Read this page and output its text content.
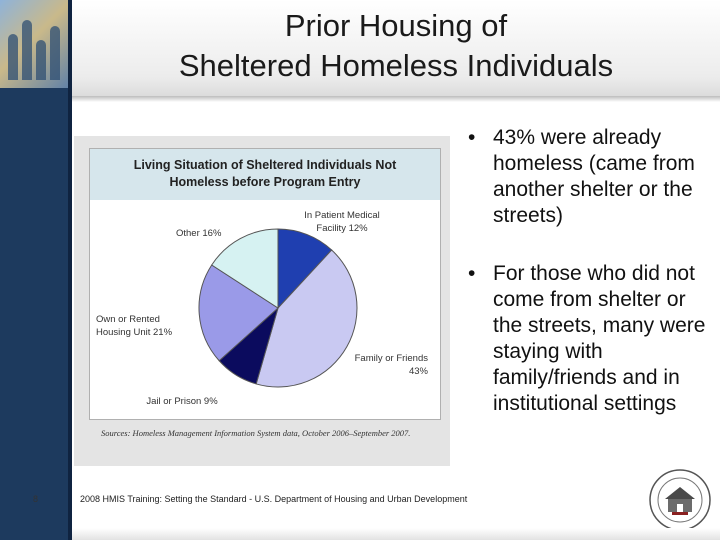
Prior Housing of
Sheltered Homeless Individuals
Living Situation of Sheltered Individuals Not
Homeless before Program Entry
In Patient Medical Facility 12%
Family or Friends 43%
Jail or Prison 9%
Own or Rented Housing Unit 21%
Other 16%
Sources: Homeless Management Information System data, October 2006–September 2007.
• 43% were already homeless (came from another shelter or the streets)
• For those who did not come from shelter or the streets, many were staying with family/friends and in institutional settings
8	2008 HMIS Training: Setting the Standard - U.S. Department of Housing and Urban Development
